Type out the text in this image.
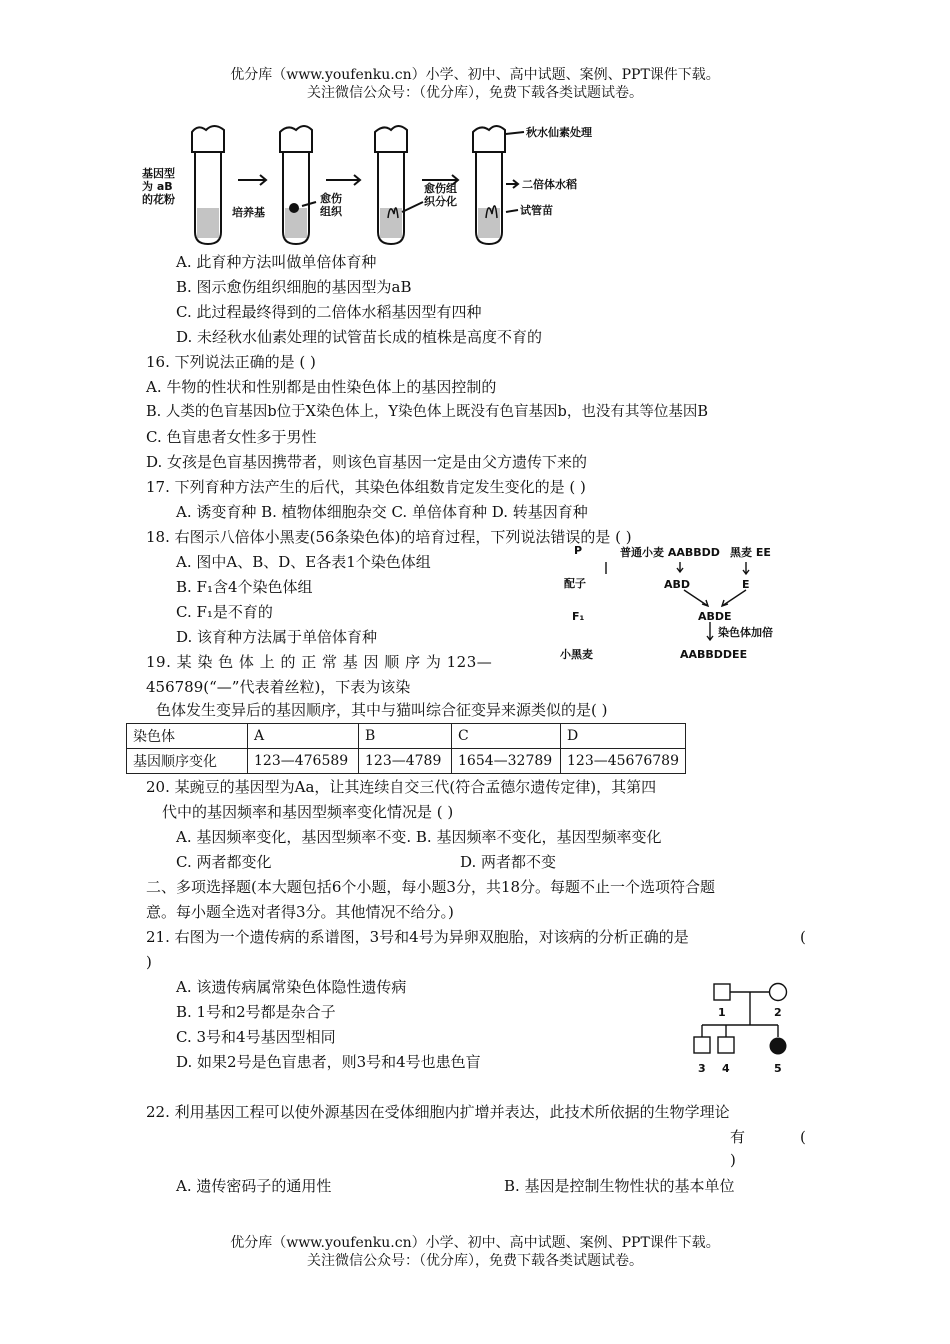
优分库（www.youfenku.cn）小学、初中、高中试题、案例、PPT课件下载。
关注微信公众号：（优分库），免费下载各类试题试卷。
基因型
为 aB
的花粉
培养基
愈伤
组织
愈伤组
织分化
秋水仙素处理
二倍体水稻
试管苗
A. 此育种方法叫做单倍体育种
B. 图示愈伤组织细胞的基因型为aB
C. 此过程最终得到的二倍体水稻基因型有四种
D. 未经秋水仙素处理的试管苗长成的植株是高度不育的
16. 下列说法正确的是 ( )
A. 牛物的性状和性别都是由性染色体上的基因控制的
B. 人类的色盲基因b位于X染色体上，Y染色体上既没有色盲基因b，也没有其等位基因B
C. 色盲患者女性多于男性
D. 女孩是色盲基因携带者，则该色盲基因一定是由父方遗传下来的
17. 下列育种方法产生的后代，其染色体组数肯定发生变化的是 ( )
A. 诱变育种 B. 植物体细胞杂交 C. 单倍体育种 D. 转基因育种
18. 右图示八倍体小黑麦(56条染色体)的培育过程，下列说法错误的是 ( )
A. 图中A、B、D、E各表1个染色体组
B. F₁含4个染色体组
C. F₁是不育的
D. 该育种方法属于单倍体育种
P	普通小麦 AABBDD 黑麦 EE
配子	ABD	E
F₁	ABDE
染色体加倍
小黑麦	AABBDDEE
19. 某 染 色 体 上 的 正 常 基 因 顺 序 为 123—
456789(“—”代表着丝粒)，下表为该染
色体发生变异后的基因顺序，其中与猫叫综合征变异来源类似的是( )
染色体	A	B	C	D
基因顺序变化	123—476589	123—4789	1654—32789	123—45676789
20. 某豌豆的基因型为Aa，让其连续自交三代(符合孟德尔遗传定律)，其第四
代中的基因频率和基因型频率变化情况是 ( )
A. 基因频率变化，基因型频率不变. B. 基因频率不变化，基因型频率变化
C. 两者都变化	D. 两者都不变
二、多项选择题(本大题包括6个小题，每小题3分，共18分。每题不止一个选项符合题
意。每小题全选对者得3分。其他情况不给分。)
21. 右图为一个遗传病的系谱图，3号和4号为异卵双胞胎，对该病的分析正确的是	(
)
A. 该遗传病属常染色体隐性遗传病
B. 1号和2号都是杂合子
C. 3号和4号基因型相同
D. 如果2号是色盲患者，则3号和4号也患色盲
1	2
3 4	5
22. 利用基因工程可以使外源基因在受体细胞内扩增并表达，此技术所依据的生物学理论
有	(
)
A. 遗传密码子的通用性	B. 基因是控制生物性状的基本单位
优分库（www.youfenku.cn）小学、初中、高中试题、案例、PPT课件下载。
关注微信公众号：（优分库），免费下载各类试题试卷。
